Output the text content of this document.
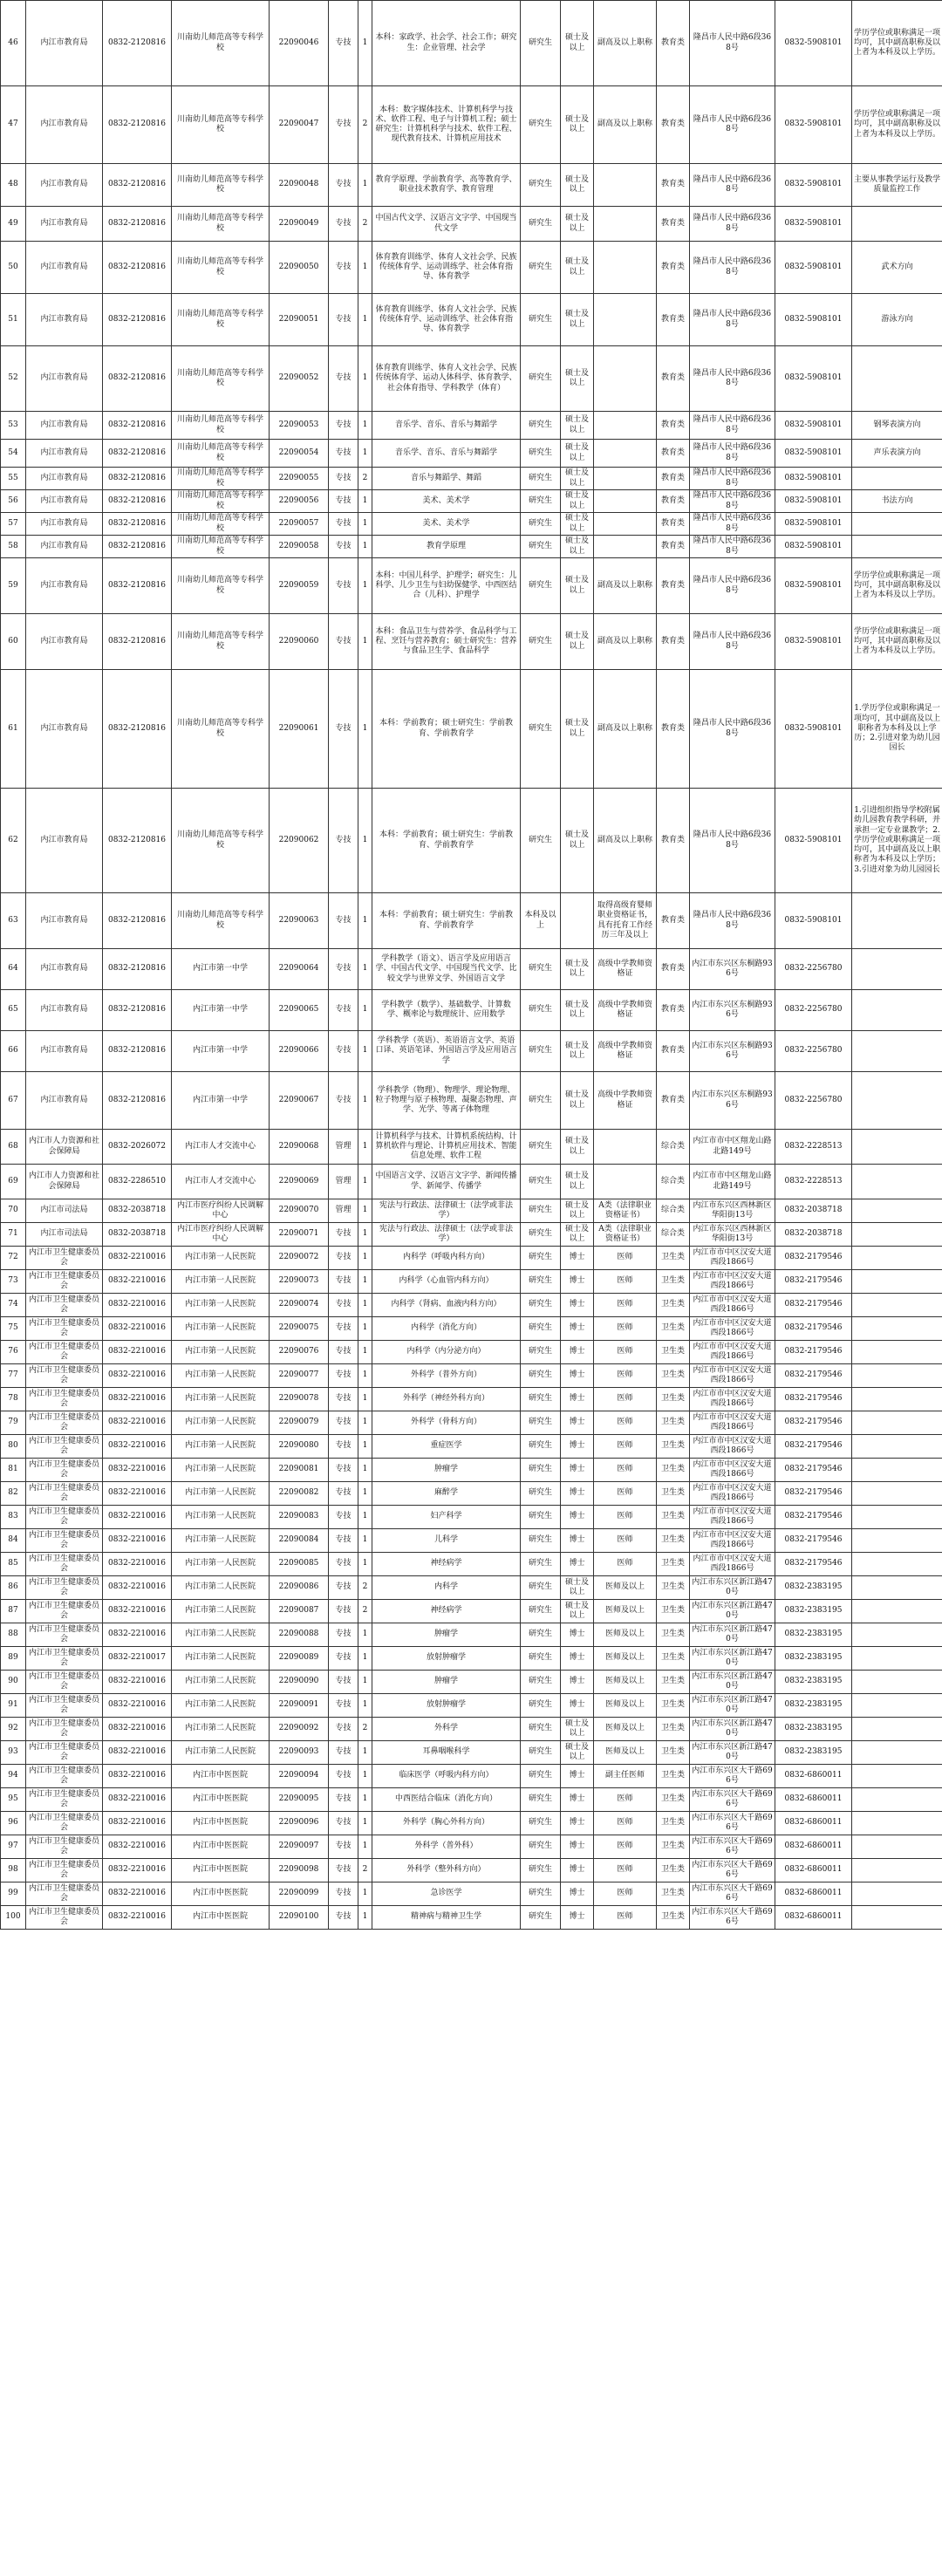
46	内江市教育局	0832-2120816	川南幼儿师范高等专科学校	22090046	专技	1	本科：家政学、社会学、社会工作；研究生：企业管理、社会学	研究生	硕士及以上	副高及以上职称	教育类	隆昌市人民中路6段368号	0832-5908101	学历学位或职称满足一项均可，其中副高职称及以上者为本科及以上学历。
47	内江市教育局	0832-2120816	川南幼儿师范高等专科学校	22090047	专技	2	本科：数字媒体技术、计算机科学与技术、软件工程、电子与计算机工程；硕士研究生：计算机科学与技术、软件工程、现代教育技术、计算机应用技术	研究生	硕士及以上	副高及以上职称	教育类	隆昌市人民中路6段368号	0832-5908101	学历学位或职称满足一项均可，其中副高职称及以上者为本科及以上学历。
48	内江市教育局	0832-2120816	川南幼儿师范高等专科学校	22090048	专技	1	教育学原理、学前教育学、高等教育学、职业技术教育学、教育管理	研究生	硕士及以上		教育类	隆昌市人民中路6段368号	0832-5908101	主要从事教学运行及教学质量监控工作
49	内江市教育局	0832-2120816	川南幼儿师范高等专科学校	22090049	专技	2	中国古代文学、汉语言文字学、中国现当代文学	研究生	硕士及以上		教育类	隆昌市人民中路6段368号	0832-5908101	
50	内江市教育局	0832-2120816	川南幼儿师范高等专科学校	22090050	专技	1	体育教育训练学、体育人文社会学、民族传统体育学、运动训练学、社会体育指导、体育教学	研究生	硕士及以上		教育类	隆昌市人民中路6段368号	0832-5908101	武术方向
51	内江市教育局	0832-2120816	川南幼儿师范高等专科学校	22090051	专技	1	体育教育训练学、体育人文社会学、民族传统体育学、运动训练学、社会体育指导、体育教学	研究生	硕士及以上		教育类	隆昌市人民中路6段368号	0832-5908101	游泳方向
52	内江市教育局	0832-2120816	川南幼儿师范高等专科学校	22090052	专技	1	体育教育训练学、体育人文社会学、民族传统体育学、运动人体科学、体育教学、社会体育指导、学科教学（体育）	研究生	硕士及以上		教育类	隆昌市人民中路6段368号	0832-5908101	
53	内江市教育局	0832-2120816	川南幼儿师范高等专科学校	22090053	专技	1	音乐学、音乐、音乐与舞蹈学	研究生	硕士及以上		教育类	隆昌市人民中路6段368号	0832-5908101	钢琴表演方向
54	内江市教育局	0832-2120816	川南幼儿师范高等专科学校	22090054	专技	1	音乐学、音乐、音乐与舞蹈学	研究生	硕士及以上		教育类	隆昌市人民中路6段368号	0832-5908101	声乐表演方向
55	内江市教育局	0832-2120816	川南幼儿师范高等专科学校	22090055	专技	2	音乐与舞蹈学、舞蹈	研究生	硕士及以上		教育类	隆昌市人民中路6段368号	0832-5908101	
56	内江市教育局	0832-2120816	川南幼儿师范高等专科学校	22090056	专技	1	美术、美术学	研究生	硕士及以上		教育类	隆昌市人民中路6段368号	0832-5908101	书法方向
57	内江市教育局	0832-2120816	川南幼儿师范高等专科学校	22090057	专技	1	美术、美术学	研究生	硕士及以上		教育类	隆昌市人民中路6段368号	0832-5908101	
58	内江市教育局	0832-2120816	川南幼儿师范高等专科学校	22090058	专技	1	教育学原理	研究生	硕士及以上		教育类	隆昌市人民中路6段368号	0832-5908101	
59	内江市教育局	0832-2120816	川南幼儿师范高等专科学校	22090059	专技	1	本科：中国儿科学、护理学；研究生：儿科学、儿少卫生与妇幼保健学、中西医结合（儿科）、护理学	研究生	硕士及以上	副高及以上职称	教育类	隆昌市人民中路6段368号	0832-5908101	学历学位或职称满足一项均可，其中副高职称及以上者为本科及以上学历。
60	内江市教育局	0832-2120816	川南幼儿师范高等专科学校	22090060	专技	1	本科：食品卫生与营养学、食品科学与工程、烹饪与营养教育；硕士研究生：营养与食品卫生学、食品科学	研究生	硕士及以上	副高及以上职称	教育类	隆昌市人民中路6段368号	0832-5908101	学历学位或职称满足一项均可，其中副高职称及以上者为本科及以上学历。
61	内江市教育局	0832-2120816	川南幼儿师范高等专科学校	22090061	专技	1	本科：学前教育；硕士研究生：学前教育、学前教育学	研究生	硕士及以上	副高及以上职称	教育类	隆昌市人民中路6段368号	0832-5908101	1.学历学位或职称满足一项均可，其中副高及以上职称者为本科及以上学历；2.引进对象为幼儿园园长
62	内江市教育局	0832-2120816	川南幼儿师范高等专科学校	22090062	专技	1	本科：学前教育；硕士研究生：学前教育、学前教育学	研究生	硕士及以上	副高及以上职称	教育类	隆昌市人民中路6段368号	0832-5908101	1.引进组织指导学校附属幼儿园教育教学科研，并承担一定专业课教学；2.学历学位或职称满足一项均可，其中副高及以上职称者为本科及以上学历；3.引进对象为幼儿园园长
63	内江市教育局	0832-2120816	川南幼儿师范高等专科学校	22090063	专技	1	本科：学前教育；硕士研究生：学前教育、学前教育学	本科及以上		取得高级育婴师职业资格证书，具有托育工作经历三年及以上	教育类	隆昌市人民中路6段368号	0832-5908101	
64	内江市教育局	0832-2120816	内江市第一中学	22090064	专技	1	学科教学（语文）、语言学及应用语言学、中国古代文学、中国现当代文学、比较文学与世界文学、外国语言文学	研究生	硕士及以上	高级中学教师资格证	教育类	内江市东兴区东桐路936号	0832-2256780	
65	内江市教育局	0832-2120816	内江市第一中学	22090065	专技	1	学科教学（数学）、基础数学、计算数学、概率论与数理统计、应用数学	研究生	硕士及以上	高级中学教师资格证	教育类	内江市东兴区东桐路936号	0832-2256780	
66	内江市教育局	0832-2120816	内江市第一中学	22090066	专技	1	学科教学（英语）、英语语言文学、英语口译、英语笔译、外国语言学及应用语言学	研究生	硕士及以上	高级中学教师资格证	教育类	内江市东兴区东桐路936号	0832-2256780	
67	内江市教育局	0832-2120816	内江市第一中学	22090067	专技	1	学科教学（物理）、物理学、理论物理、粒子物理与原子核物理、凝聚态物理、声学、光学、等离子体物理	研究生	硕士及以上	高级中学教师资格证	教育类	内江市东兴区东桐路936号	0832-2256780	
68	内江市人力资源和社会保障局	0832-2026072	内江市人才交流中心	22090068	管理	1	计算机科学与技术、计算机系统结构、计算机软件与理论、计算机应用技术、智能信息处理、软件工程	研究生	硕士及以上		综合类	内江市市中区翔龙山路北路149号	0832-2228513	
69	内江市人力资源和社会保障局	0832-2286510	内江市人才交流中心	22090069	管理	1	中国语言文学、汉语言文字学、新闻传播学、新闻学、传播学	研究生	硕士及以上		综合类	内江市市中区翔龙山路北路149号	0832-2228513	
70	内江市司法局	0832-2038718	内江市医疗纠纷人民调解中心	22090070	管理	1	宪法与行政法、法律硕士（法学或非法学）	研究生	硕士及以上	A类（法律职业资格证书）	综合类	内江市东兴区西林新区华阳街13号	0832-2038718	
71	内江市司法局	0832-2038718	内江市医疗纠纷人民调解中心	22090071	专技	1	宪法与行政法、法律硕士（法学或非法学）	研究生	硕士及以上	A类（法律职业资格证书）	综合类	内江市东兴区西林新区华阳街13号	0832-2038718	
72	内江市卫生健康委员会	0832-2210016	内江市第一人民医院	22090072	专技	1	内科学（呼吸内科方向）	研究生	博士	医师	卫生类	内江市市中区汉安大道西段1866号	0832-2179546	
73	内江市卫生健康委员会	0832-2210016	内江市第一人民医院	22090073	专技	1	内科学（心血管内科方向）	研究生	博士	医师	卫生类	内江市市中区汉安大道西段1866号	0832-2179546	
74	内江市卫生健康委员会	0832-2210016	内江市第一人民医院	22090074	专技	1	内科学（肾病、血液内科方向）	研究生	博士	医师	卫生类	内江市市中区汉安大道西段1866号	0832-2179546	
75	内江市卫生健康委员会	0832-2210016	内江市第一人民医院	22090075	专技	1	内科学（消化方向）	研究生	博士	医师	卫生类	内江市市中区汉安大道西段1866号	0832-2179546	
76	内江市卫生健康委员会	0832-2210016	内江市第一人民医院	22090076	专技	1	内科学（内分泌方向）	研究生	博士	医师	卫生类	内江市市中区汉安大道西段1866号	0832-2179546	
77	内江市卫生健康委员会	0832-2210016	内江市第一人民医院	22090077	专技	1	外科学（普外方向）	研究生	博士	医师	卫生类	内江市市中区汉安大道西段1866号	0832-2179546	
78	内江市卫生健康委员会	0832-2210016	内江市第一人民医院	22090078	专技	1	外科学（神经外科方向）	研究生	博士	医师	卫生类	内江市市中区汉安大道西段1866号	0832-2179546	
79	内江市卫生健康委员会	0832-2210016	内江市第一人民医院	22090079	专技	1	外科学（骨科方向）	研究生	博士	医师	卫生类	内江市市中区汉安大道西段1866号	0832-2179546	
80	内江市卫生健康委员会	0832-2210016	内江市第一人民医院	22090080	专技	1	重症医学	研究生	博士	医师	卫生类	内江市市中区汉安大道西段1866号	0832-2179546	
81	内江市卫生健康委员会	0832-2210016	内江市第一人民医院	22090081	专技	1	肿瘤学	研究生	博士	医师	卫生类	内江市市中区汉安大道西段1866号	0832-2179546	
82	内江市卫生健康委员会	0832-2210016	内江市第一人民医院	22090082	专技	1	麻醉学	研究生	博士	医师	卫生类	内江市市中区汉安大道西段1866号	0832-2179546	
83	内江市卫生健康委员会	0832-2210016	内江市第一人民医院	22090083	专技	1	妇产科学	研究生	博士	医师	卫生类	内江市市中区汉安大道西段1866号	0832-2179546	
84	内江市卫生健康委员会	0832-2210016	内江市第一人民医院	22090084	专技	1	儿科学	研究生	博士	医师	卫生类	内江市市中区汉安大道西段1866号	0832-2179546	
85	内江市卫生健康委员会	0832-2210016	内江市第一人民医院	22090085	专技	1	神经病学	研究生	博士	医师	卫生类	内江市市中区汉安大道西段1866号	0832-2179546	
86	内江市卫生健康委员会	0832-2210016	内江市第二人民医院	22090086	专技	2	内科学	研究生	硕士及以上	医师及以上	卫生类	内江市东兴区新江路470号	0832-2383195	
87	内江市卫生健康委员会	0832-2210016	内江市第二人民医院	22090087	专技	2	神经病学	研究生	硕士及以上	医师及以上	卫生类	内江市东兴区新江路470号	0832-2383195	
88	内江市卫生健康委员会	0832-2210016	内江市第二人民医院	22090088	专技	1	肿瘤学	研究生	博士	医师及以上	卫生类	内江市东兴区新江路470号	0832-2383195	
89	内江市卫生健康委员会	0832-2210017	内江市第二人民医院	22090089	专技	1	放射肿瘤学	研究生	博士	医师及以上	卫生类	内江市东兴区新江路470号	0832-2383195	
90	内江市卫生健康委员会	0832-2210016	内江市第二人民医院	22090090	专技	1	肿瘤学	研究生	博士	医师及以上	卫生类	内江市东兴区新江路470号	0832-2383195	
91	内江市卫生健康委员会	0832-2210016	内江市第二人民医院	22090091	专技	1	放射肿瘤学	研究生	博士	医师及以上	卫生类	内江市东兴区新江路470号	0832-2383195	
92	内江市卫生健康委员会	0832-2210016	内江市第二人民医院	22090092	专技	2	外科学	研究生	硕士及以上	医师及以上	卫生类	内江市东兴区新江路470号	0832-2383195	
93	内江市卫生健康委员会	0832-2210016	内江市第二人民医院	22090093	专技	1	耳鼻咽喉科学	研究生	硕士及以上	医师及以上	卫生类	内江市东兴区新江路470号	0832-2383195	
94	内江市卫生健康委员会	0832-2210016	内江市中医医院	22090094	专技	1	临床医学（呼吸内科方向）	研究生	博士	副主任医师	卫生类	内江市东兴区大千路696号	0832-6860011	
95	内江市卫生健康委员会	0832-2210016	内江市中医医院	22090095	专技	1	中西医结合临床（消化方向）	研究生	博士	医师	卫生类	内江市东兴区大千路696号	0832-6860011	
96	内江市卫生健康委员会	0832-2210016	内江市中医医院	22090096	专技	1	外科学（胸心外科方向）	研究生	博士	医师	卫生类	内江市东兴区大千路696号	0832-6860011	
97	内江市卫生健康委员会	0832-2210016	内江市中医医院	22090097	专技	1	外科学（普外科）	研究生	博士	医师	卫生类	内江市东兴区大千路696号	0832-6860011	
98	内江市卫生健康委员会	0832-2210016	内江市中医医院	22090098	专技	2	外科学（整外科方向）	研究生	博士	医师	卫生类	内江市东兴区大千路696号	0832-6860011	
99	内江市卫生健康委员会	0832-2210016	内江市中医医院	22090099	专技	1	急诊医学	研究生	博士	医师	卫生类	内江市东兴区大千路696号	0832-6860011	
100	内江市卫生健康委员会	0832-2210016	内江市中医医院	22090100	专技	1	精神病与精神卫生学	研究生	博士	医师	卫生类	内江市东兴区大千路696号	0832-6860011	
